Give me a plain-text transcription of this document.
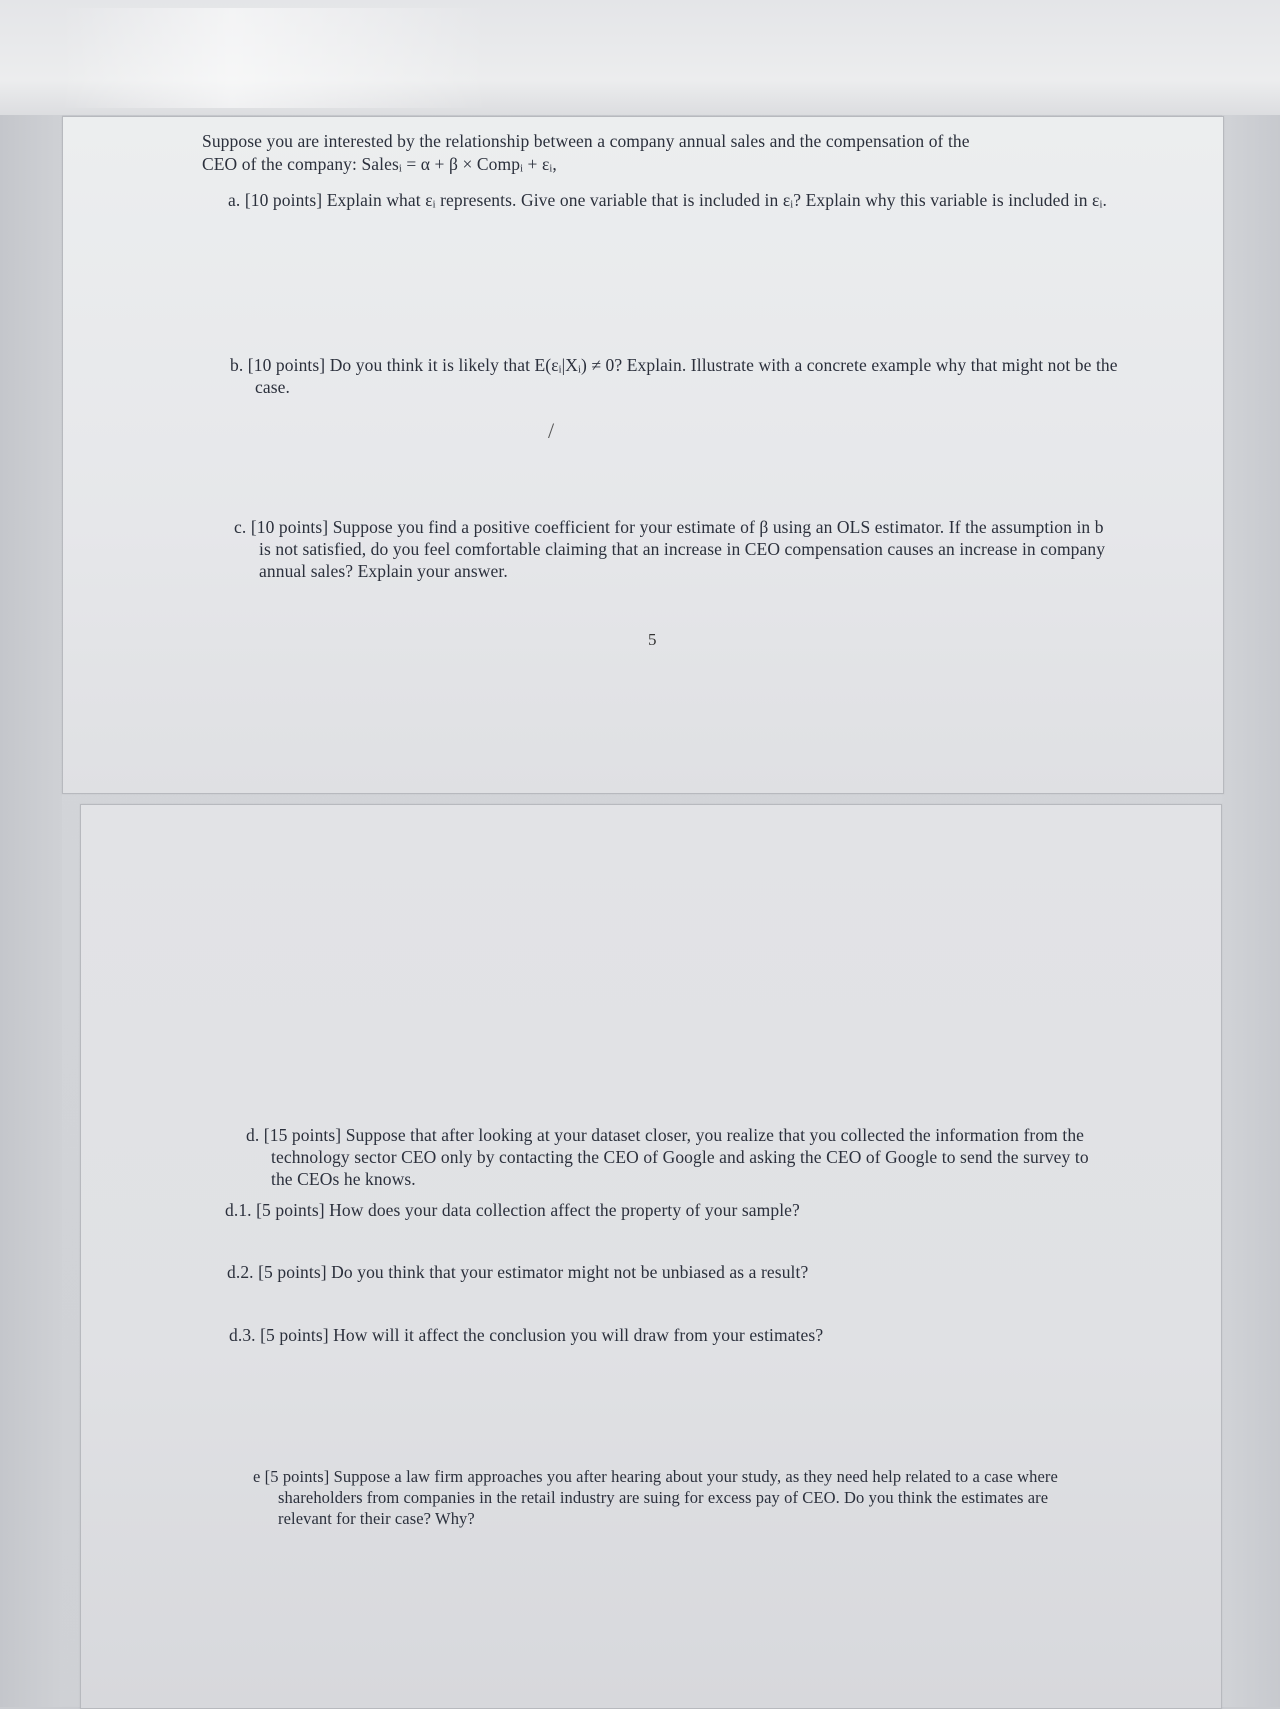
Suppose you are interested by the relationship between a company annual sales and the compensation of the
CEO of the company: Salesᵢ = α + β × Compᵢ + εᵢ,
a. [10 points] Explain what εᵢ represents. Give one variable that is included in εᵢ? Explain why this variable is included in εᵢ.
b. [10 points] Do you think it is likely that E(εᵢ|Xᵢ) ≠ 0? Explain. Illustrate with a concrete example why that might not be the case.
/
c. [10 points] Suppose you find a positive coefficient for your estimate of β using an OLS estimator. If the assumption in b is not satisfied, do you feel comfortable claiming that an increase in CEO compensation causes an increase in company annual sales? Explain your answer.
5
d. [15 points] Suppose that after looking at your dataset closer, you realize that you collected the information from the technology sector CEO only by contacting the CEO of Google and asking the CEO of Google to send the survey to the CEOs he knows.
d.1. [5 points] How does your data collection affect the property of your sample?
d.2. [5 points] Do you think that your estimator might not be unbiased as a result?
d.3. [5 points] How will it affect the conclusion you will draw from your estimates?
e [5 points] Suppose a law firm approaches you after hearing about your study, as they need help related to a case where shareholders from companies in the retail industry are suing for excess pay of CEO. Do you think the estimates are relevant for their case? Why?
